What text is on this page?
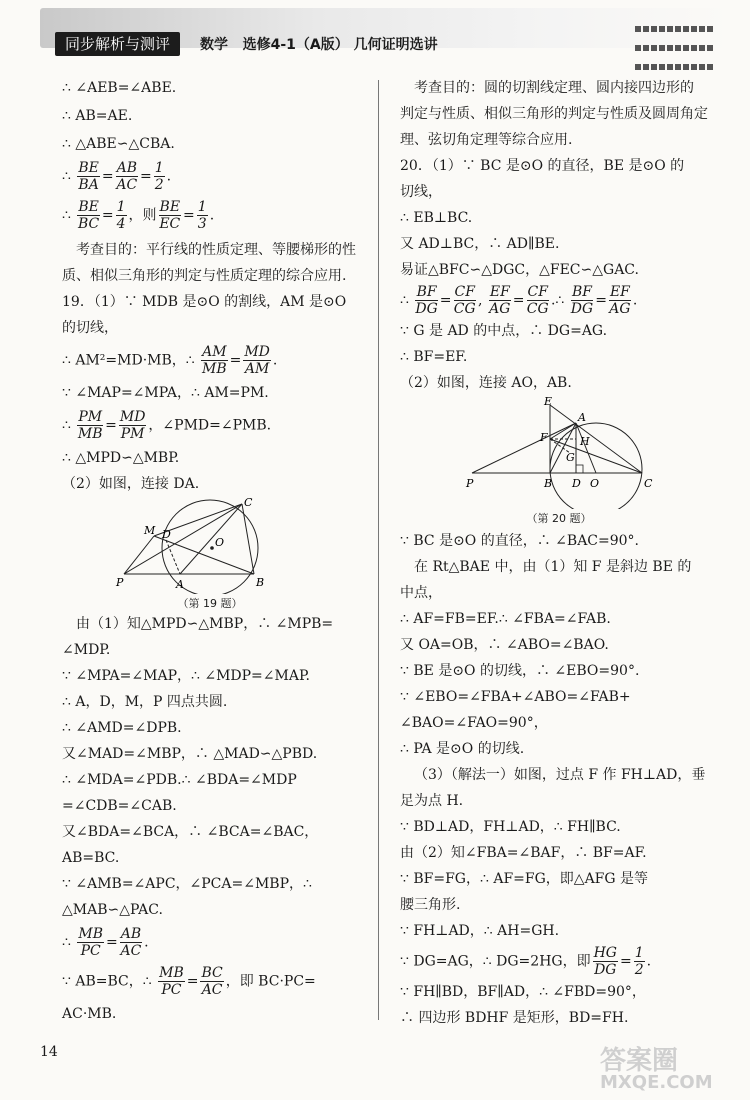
同步解析与测评	数学   选修4-1（A版） 几何证明选讲

∴ ∠AEB=∠ABE.
∴ AB=AE.
∴ △ABE∽△CBA.
∴ $\frac{BE}{BA} = \frac{AB}{AC} = \frac{1}{2}$ .
∴ $\frac{BE}{BC} = \frac{1}{4}$ ，则 $\frac{BE}{EC} = \frac{1}{3}$ .
考查目的：平行线的性质定理、等腰梯形的性
质、相似三角形的判定与性质定理的综合应用.
19．（1）∵ MDB 是⊙O 的割线，AM 是⊙O
的切线，
∴ AM²=MD·MB，∴ $\frac{AM}{MB} = \frac{MD}{AM}$ .
∵ ∠MAP=∠MPA，∴ AM=PM.
∴ $\frac{PM}{MB} = \frac{MD}{PM}$ ，∠PMD=∠PMB.
∴ △MPD∽△MBP.
（2）如图，连接 DA.
M D
C
O
P	A	B
（第 19 题）
由（1）知△MPD∽△MBP，∴ ∠MPB=
∠MDP.
∵ ∠MPA=∠MAP，∴ ∠MDP=∠MAP.
∴ A，D，M，P 四点共圆.
∴ ∠AMD=∠DPB.
又∠MAD=∠MBP，∴ △MAD∽△PBD.
∴ ∠MDA=∠PDB.∴ ∠BDA=∠MDP
=∠CDB=∠CAB.
又∠BDA=∠BCA，∴ ∠BCA=∠BAC，
AB=BC.
∵ ∠AMB=∠APC，∠PCA=∠MBP，∴
△MAB∽△PAC.
∴ $\frac{MB}{PC} = \frac{AB}{AC}$ .
∵ AB=BC，∴ $\frac{MB}{PC} = \frac{BC}{AC}$ ，即 BC·PC=
AC·MB.
考查目的：圆的切割线定理、圆内接四边形的
判定与性质、相似三角形的判定与性质及圆周角定
理、弦切角定理等综合应用.
20．（1）∵ BC 是⊙O 的直径，BE 是⊙O 的
切线，
∴ EB⊥BC.
又 AD⊥BC，∴ AD∥BE.
易证△BFC∽△DGC，△FEC∽△GAC.
∴ $\frac{BF}{DG} = \frac{CF}{CG}$ , $\frac{EF}{AG} = \frac{CF}{CG}$ .∴ $\frac{BF}{DG} = \frac{EF}{AG}$ .
∵ G 是 AD 的中点，∴ DG=AG.
∴ BF=EF.
（2）如图，连接 AO，AB.
E
F
A
G
H
P	B D O	C
（第 20 题）
∵ BC 是⊙O 的直径，∴ ∠BAC=90°.
在 Rt△BAE 中，由（1）知 F 是斜边 BE 的
中点，
∴ AF=FB=EF.∴ ∠FBA=∠FAB.
又 OA=OB，∴ ∠ABO=∠BAO.
∵ BE 是⊙O 的切线，∴ ∠EBO=90°.
∵ ∠EBO=∠FBA+∠ABO=∠FAB+
∠BAO=∠FAO=90°，
∴ PA 是⊙O 的切线.
（3）（解法一）如图，过点 F 作 FH⊥AD，垂
足为点 H.
∵ BD⊥AD，FH⊥AD，∴ FH∥BC.
由（2）知∠FBA=∠BAF，∴ BF=AF.
∵ BF=FG，∴ AF=FG，即△AFG 是等
腰三角形.
∵ FH⊥AD，∴ AH=GH.
∵ DG=AG，∴ DG=2HG，即 $\frac{HG}{DG} = \frac{1}{2}$ .
∵ FH∥BD，BF∥AD，∴ ∠FBD=90°，
∴ 四边形 BDHF 是矩形，BD=FH.
14	答案圈
MXQE.COM
